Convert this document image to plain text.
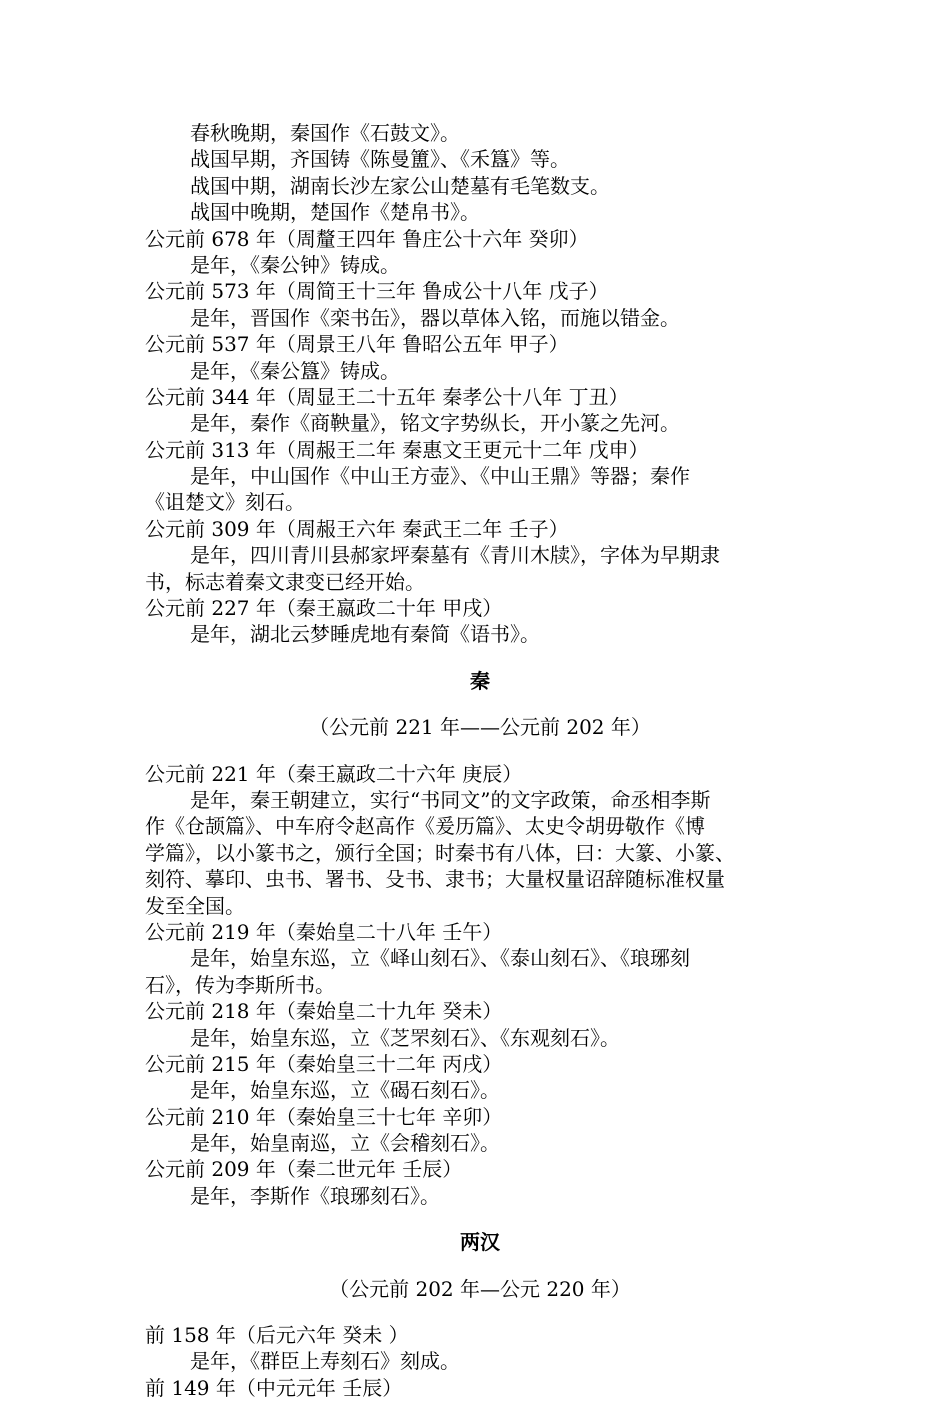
春秋晚期，秦国作《石鼓文》。

战国早期，齐国铸《陈曼簠》、《禾簋》等。

战国中期，湖南长沙左家公山楚墓有毛笔数支。

战国中晚期，楚国作《楚帛书》。

公元前 678 年（周釐王四年 鲁庄公十六年 癸卯）

是年，《秦公钟》铸成。

公元前 573 年（周简王十三年 鲁成公十八年 戊子）

是年，晋国作《栾书缶》，器以草体入铭，而施以错金。

公元前 537 年（周景王八年 鲁昭公五年 甲子）

是年，《秦公簋》铸成。

公元前 344 年（周显王二十五年 秦孝公十八年 丁丑）

是年，秦作《商鞅量》，铭文字势纵长，开小篆之先河。

公元前 313 年（周赧王二年 秦惠文王更元十二年 戊申）

是年，中山国作《中山王方壶》、《中山王鼎》等器；秦作

《诅楚文》刻石。

公元前 309 年（周赧王六年 秦武王二年 壬子）

是年，四川青川县郝家坪秦墓有《青川木牍》，字体为早期隶

书，标志着秦文隶变已经开始。

公元前 227 年（秦王嬴政二十年 甲戌）

是年，湖北云梦睡虎地有秦简《语书》。

秦

（公元前 221 年——公元前 202 年）

公元前 221 年（秦王嬴政二十六年 庚辰）

是年，秦王朝建立，实行“书同文”的文字政策，命丞相李斯

作《仓颉篇》、中车府令赵高作《爰历篇》、太史令胡毋敬作《博

学篇》，以小篆书之，颁行全国；时秦书有八体，曰：大篆、小篆、

刻符、摹印、虫书、署书、殳书、隶书；大量权量诏辞随标准权量

发至全国。

公元前 219 年（秦始皇二十八年 壬午）

是年，始皇东巡，立《峄山刻石》、《泰山刻石》、《琅琊刻

石》，传为李斯所书。

公元前 218 年（秦始皇二十九年 癸未）

是年，始皇东巡，立《芝罘刻石》、《东观刻石》。

公元前 215 年（秦始皇三十二年 丙戌）

是年，始皇东巡，立《碣石刻石》。

公元前 210 年（秦始皇三十七年 辛卯）

是年，始皇南巡，立《会稽刻石》。

公元前 209 年（秦二世元年 壬辰）

是年，李斯作《琅琊刻石》。

两汉

（公元前 202 年—公元 220 年）

前 158 年（后元六年 癸未 ）

是年，《群臣上寿刻石》刻成。

前 149 年（中元元年 壬辰）
